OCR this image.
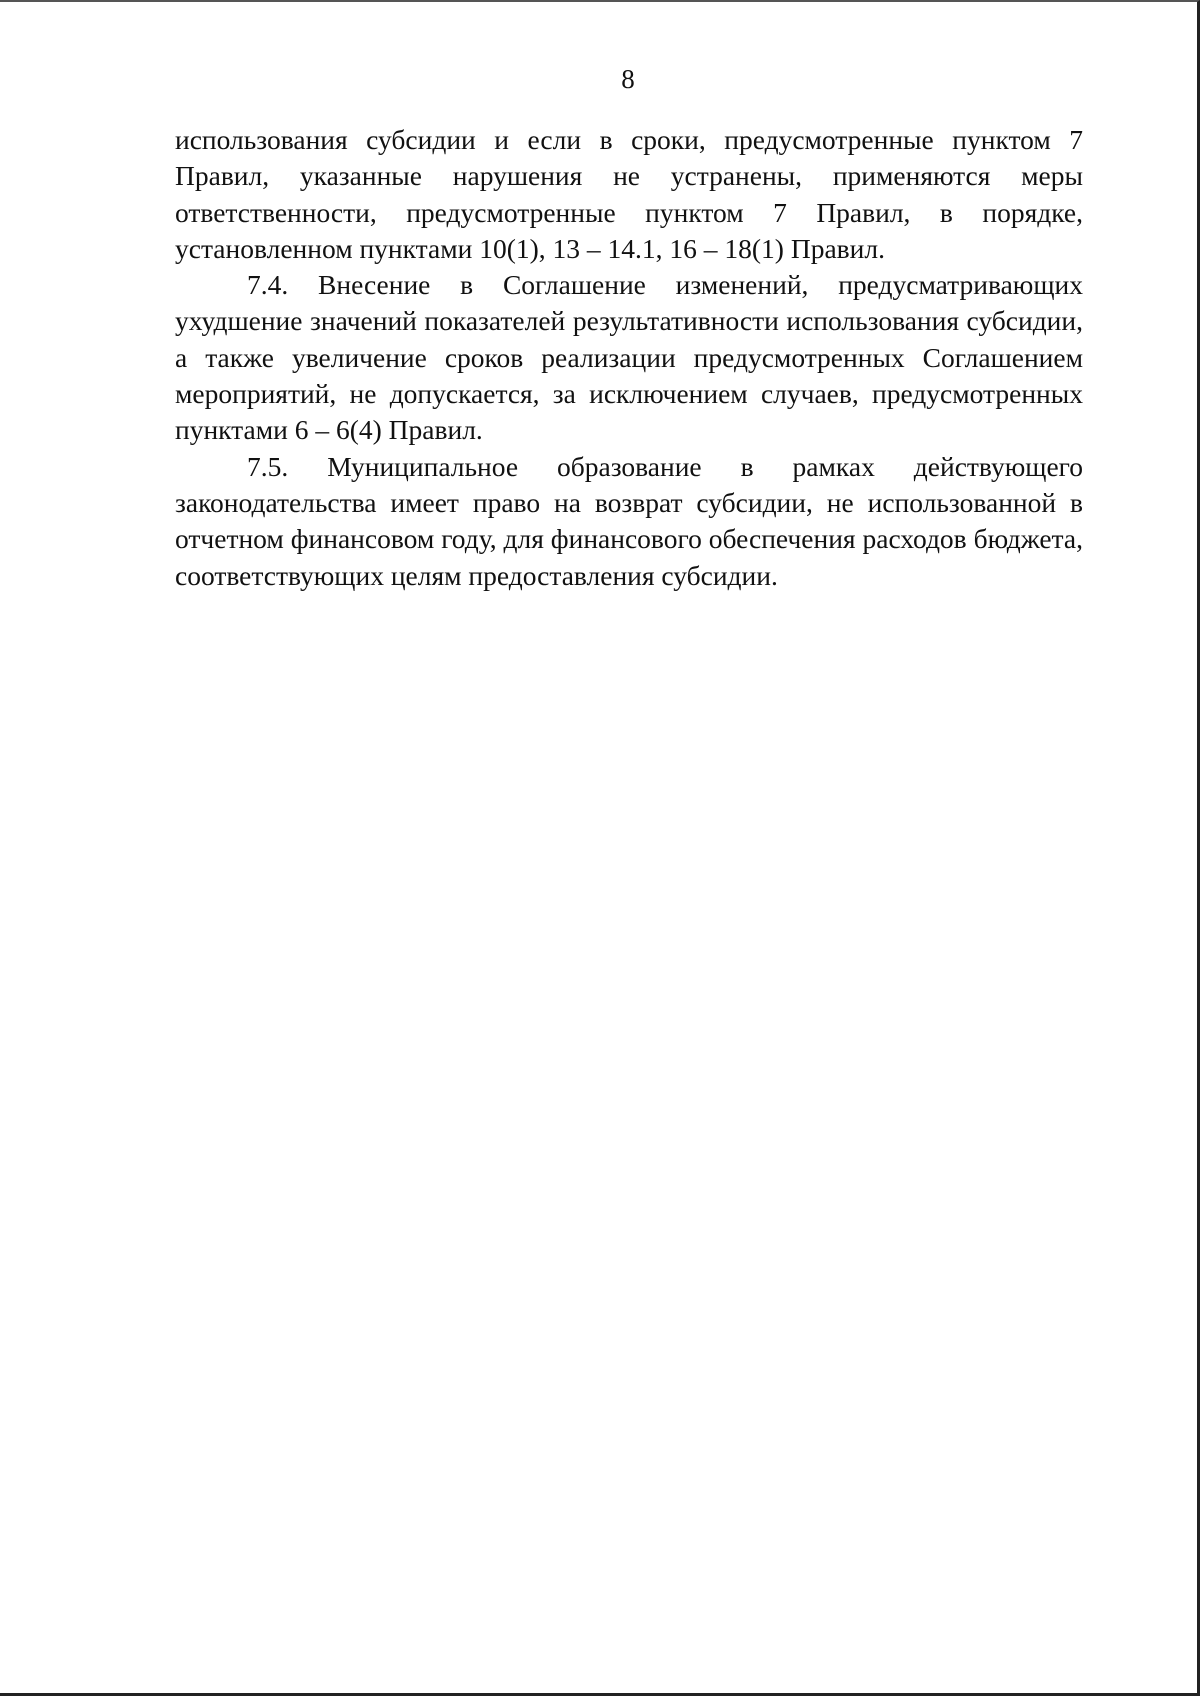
8

использования субсидии и если в сроки, предусмотренные пунктом 7 Правил, указанные нарушения не устранены, применяются меры ответственности, предусмотренные пунктом 7 Правил, в порядке, установленном пунктами 10(1), 13 – 14.1, 16 – 18(1) Правил.

7.4. Внесение в Соглашение изменений, предусматривающих ухудшение значений показателей результативности использования субсидии, а также увеличение сроков реализации предусмотренных Соглашением мероприятий, не допускается, за исключением случаев, предусмотренных пунктами 6 – 6(4) Правил.

7.5. Муниципальное образование в рамках действующего законодательства имеет право на возврат субсидии, не использованной в отчетном финансовом году, для финансового обеспечения расходов бюджета, соответствующих целям предоставления субсидии.
